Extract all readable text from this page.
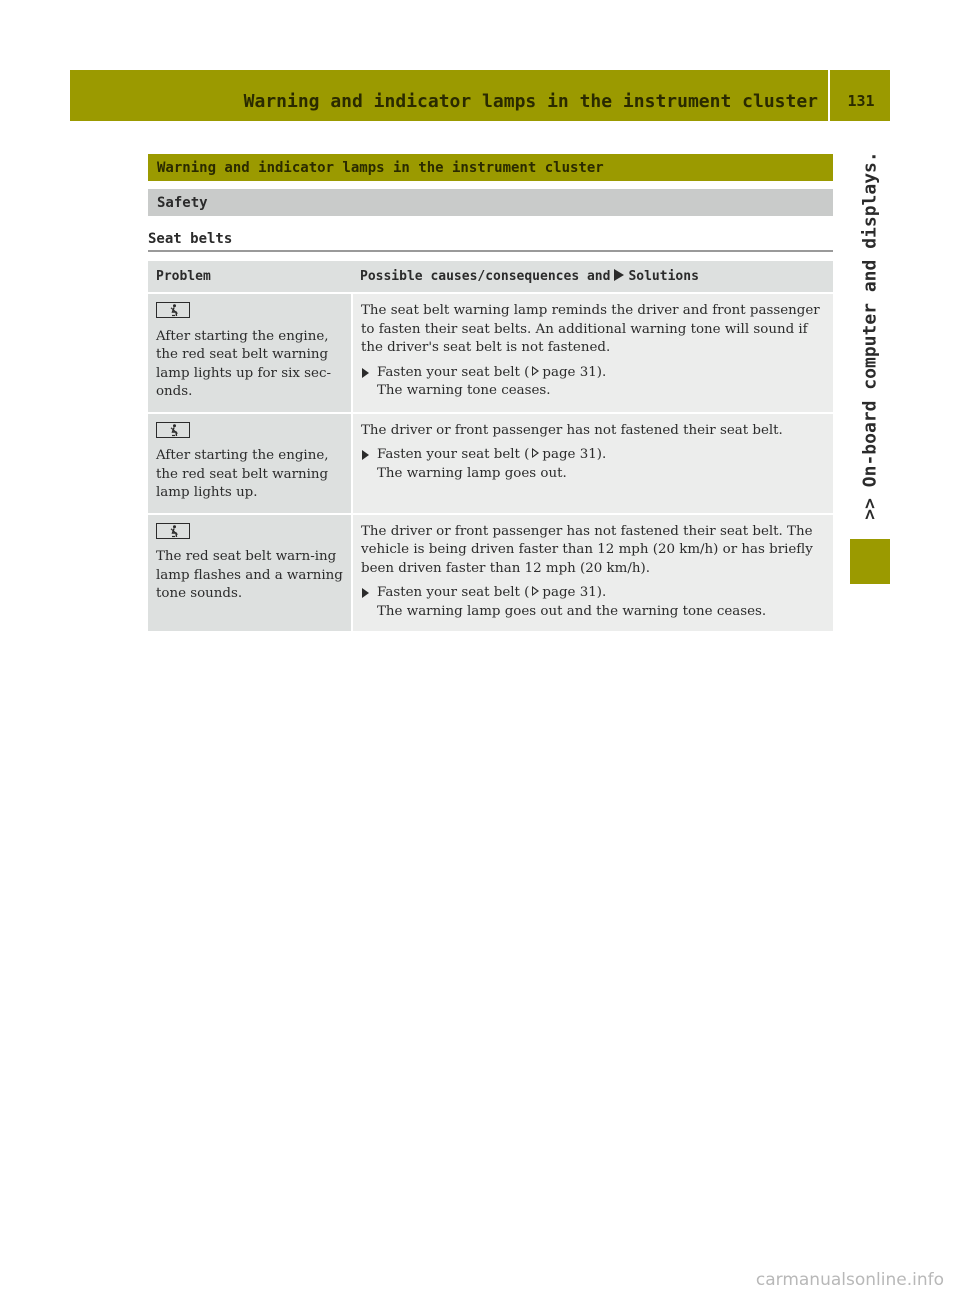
Warning and indicator lamps in the instrument cluster	131
>> On-board computer and displays.
Warning and indicator lamps in the instrument cluster
Safety
Seat belts
Problem	Possible causes/consequences and Solutions

After starting the engine, the red seat belt warning lamp lights up for six sec-onds.	The seat belt warning lamp reminds the driver and front passenger to fasten their seat belts. An additional warning tone will sound if the driver's seat belt is not fastened.

Fasten your seat belt ( page 31).
The warning tone ceases.

After starting the engine, the red seat belt warning lamp lights up.	The driver or front passenger has not fastened their seat belt.

Fasten your seat belt ( page 31).
The warning lamp goes out.

The red seat belt warn-ing lamp flashes and a warning tone sounds.	The driver or front passenger has not fastened their seat belt. The vehicle is being driven faster than 12 mph (20 km/h) or has briefly been driven faster than 12 mph (20 km/h).

Fasten your seat belt ( page 31).
The warning lamp goes out and the warning tone ceases.
carmanualsonline.info
